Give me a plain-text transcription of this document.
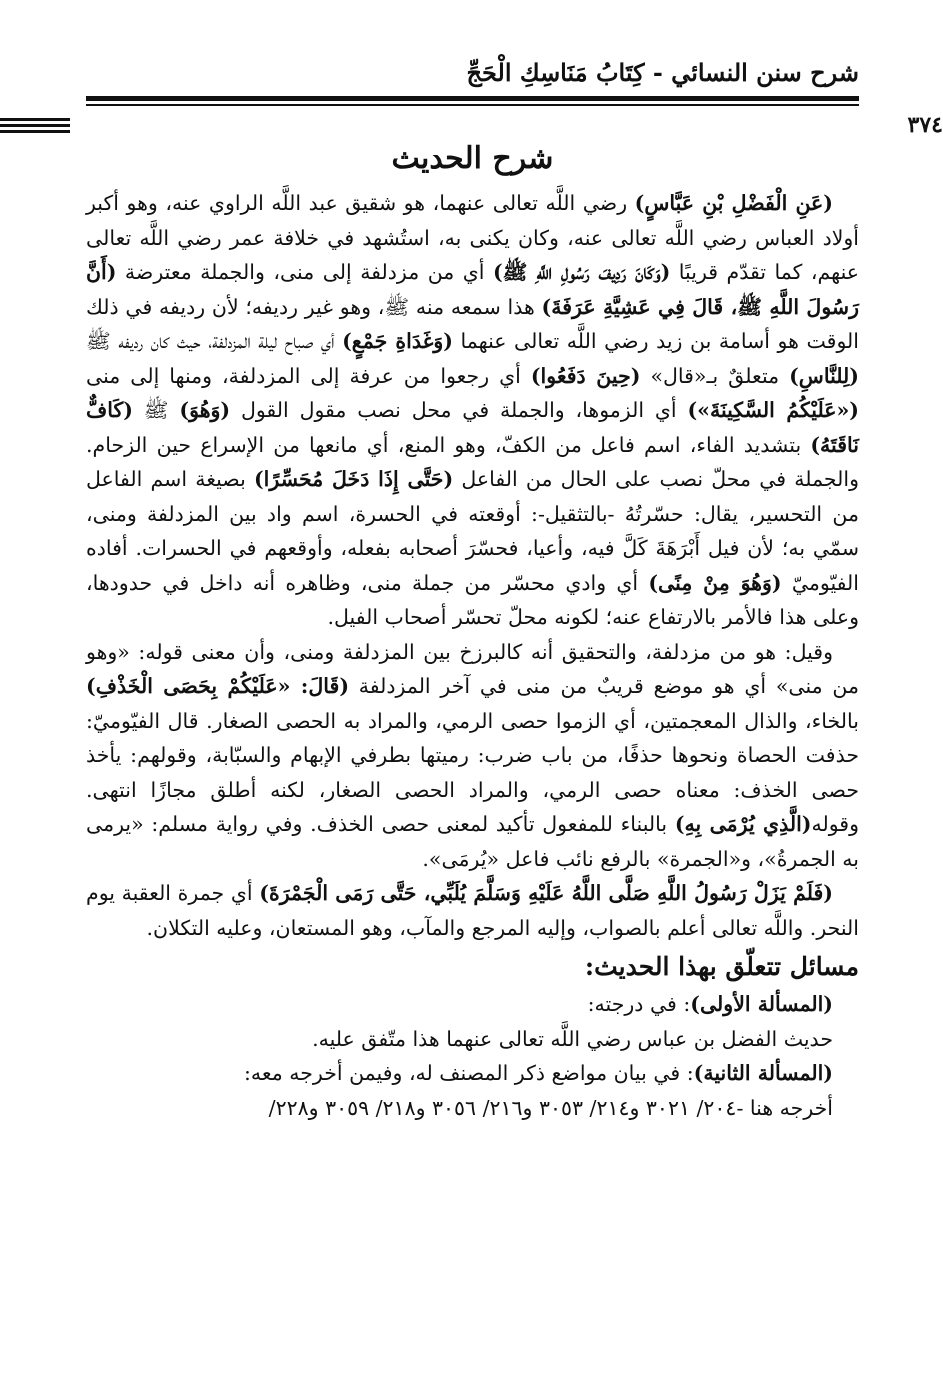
شرح سنن النسائي - كِتَابُ مَنَاسِكِ الْحَجِّ
٣٧٤
شرح الحديث

(عَنِ الْفَضْلِ بْنِ عَبَّاسٍ) رضي اللَّه تعالى عنهما، هو شقيق عبد اللَّه الراوي عنه، وهو أكبر أولاد العباس رضي اللَّه تعالى عنه، وكان يكنى به، استُشهد في خلافة عمر رضي اللَّه تعالى عنهم، كما تقدّم قريبًا (وَكَانَ رَدِيفَ رَسُولِ اللَّهِ ﷺ) أي من مزدلفة إلى منى، والجملة معترضة (أَنَّ رَسُولَ اللَّهِ ﷺ، قَالَ فِي عَشِيَّةِ عَرَفَةَ) هذا سمعه منه ﷺ، وهو غير رديفه؛ لأن رديفه في ذلك الوقت هو أسامة بن زيد رضي اللَّه تعالى عنهما (وَغَدَاةِ جَمْعٍ) أي صباح ليلة المزدلفة، حيث كان رديفه ﷺ (لِلنَّاسِ) متعلقٌ بـ«قال» (حِينَ دَفَعُوا) أي رجعوا من عرفة إلى المزدلفة، ومنها إلى منى («عَلَيْكُمُ السَّكِينَةَ») أي الزموها، والجملة في محل نصب مقول القول (وَهُوَ) ﷺ (كَافٌّ نَاقَتَهُ) بتشديد الفاء، اسم فاعل من الكفّ، وهو المنع، أي مانعها من الإسراع حين الزحام. والجملة في محلّ نصب على الحال من الفاعل (حَتَّى إِذَا دَخَلَ مُحَسِّرًا) بصيغة اسم الفاعل من التحسير، يقال: حسّرتُهُ -بالتثقيل-: أوقعته في الحسرة، اسم واد بين المزدلفة ومنى، سمّي به؛ لأن فيل أَبْرَهَةَ كَلَّ فيه، وأعيا، فحسّرَ أصحابه بفعله، وأوقعهم في الحسرات. أفاده الفيّوميّ (وَهُوَ مِنْ مِنًى) أي وادي محسّر من جملة منى، وظاهره أنه داخل في حدودها، وعلى هذا فالأمر بالارتفاع عنه؛ لكونه محلّ تحسّر أصحاب الفيل.

وقيل: هو من مزدلفة، والتحقيق أنه كالبرزخ بين المزدلفة ومنى، وأن معنى قوله: «وهو من منى» أي هو موضع قريبٌ من منى في آخر المزدلفة (قَالَ: «عَلَيْكُمْ بِحَصَى الْخَذْفِ) بالخاء، والذال المعجمتين، أي الزموا حصى الرمي، والمراد به الحصى الصغار. قال الفيّوميّ: حذفت الحصاة ونحوها حذفًا، من باب ضرب: رميتها بطرفي الإبهام والسبّابة، وقولهم: يأخذ حصى الخذف: معناه حصى الرمي، والمراد الحصى الصغار، لكنه أطلق مجازًا انتهى. وقوله(الَّذِي يُرْمَى بِهِ) بالبناء للمفعول تأكيد لمعنى حصى الخذف. وفي رواية مسلم: «يرمى به الجمرةُ»، و«الجمرة» بالرفع نائب فاعل «يُرمَى».

(فَلَمْ يَزَلْ رَسُولُ اللَّهِ صَلَّى اللَّهُ عَلَيْهِ وَسَلَّمَ يُلَبِّي، حَتَّى رَمَى الْجَمْرَةَ) أي جمرة العقبة يوم النحر. واللَّه تعالى أعلم بالصواب، وإليه المرجع والمآب، وهو المستعان، وعليه التكلان.

مسائل تتعلّق بهذا الحديث:

(المسألة الأولى): في درجته:

حديث الفضل بن عباس رضي اللَّه تعالى عنهما هذا متّفق عليه.

(المسألة الثانية): في بيان مواضع ذكر المصنف له، وفيمن أخرجه معه:

أخرجه هنا -٢٠٤/ ٣٠٢١ و٢١٤/ ٣٠٥٣ و٢١٦/ ٣٠٥٦ و٢١٨/ ٣٠٥٩ و٢٢٨/
